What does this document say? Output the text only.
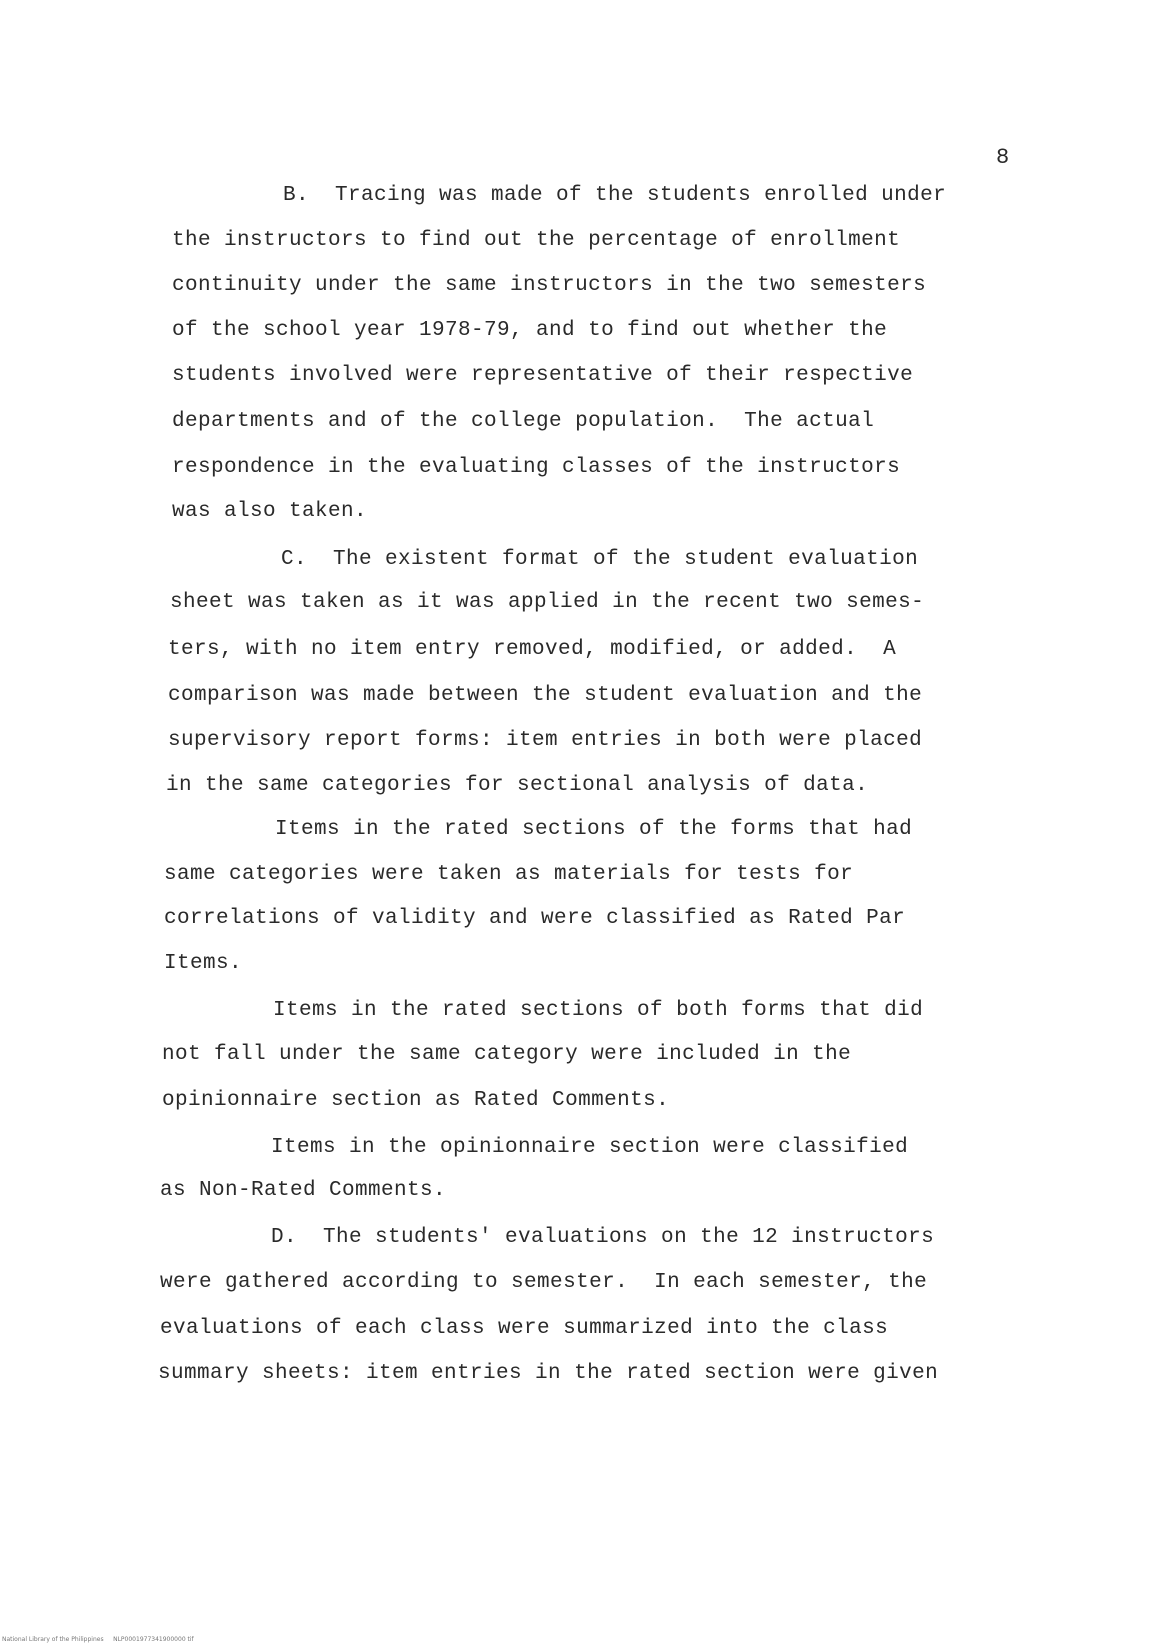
8
B.  Tracing was made of the students enrolled under
the instructors to find out the percentage of enrollment
continuity under the same instructors in the two semesters
of the school year 1978-79, and to find out whether the
students involved were representative of their respective
departments and of the college population.  The actual
respondence in the evaluating classes of the instructors
was also taken.
C.  The existent format of the student evaluation
sheet was taken as it was applied in the recent two semes-
ters, with no item entry removed, modified, or added.  A
comparison was made between the student evaluation and the
supervisory report forms: item entries in both were placed
in the same categories for sectional analysis of data.
Items in the rated sections of the forms that had
same categories were taken as materials for tests for
correlations of validity and were classified as Rated Par
Items.
Items in the rated sections of both forms that did
not fall under the same category were included in the
opinionnaire section as Rated Comments.
Items in the opinionnaire section were classified
as Non-Rated Comments.
D.  The students' evaluations on the 12 instructors
were gathered according to semester.  In each semester, the
evaluations of each class were summarized into the class
summary sheets: item entries in the rated section were given
National Library of the Philippines     NLP0001977341900000 tif
